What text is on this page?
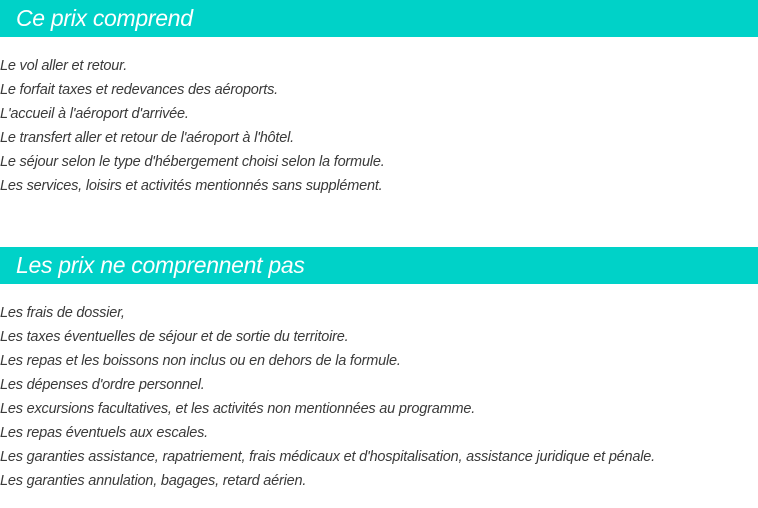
Ce prix comprend
Le vol aller et retour.
Le forfait taxes et redevances des aéroports.
L'accueil à l'aéroport d'arrivée.
Le transfert aller et retour de l'aéroport à l'hôtel.
Le séjour selon le type d'hébergement choisi selon la formule.
Les services, loisirs et activités mentionnés sans supplément.
Les prix ne comprennent pas
Les frais de dossier,
Les taxes éventuelles de séjour et de sortie du territoire.
Les repas et les boissons non inclus ou en dehors de la formule.
Les dépenses d'ordre personnel.
Les excursions facultatives, et les activités non mentionnées au programme.
Les repas éventuels aux escales.
Les garanties assistance, rapatriement, frais médicaux et d'hospitalisation, assistance juridique et pénale.
Les garanties annulation, bagages, retard aérien.
